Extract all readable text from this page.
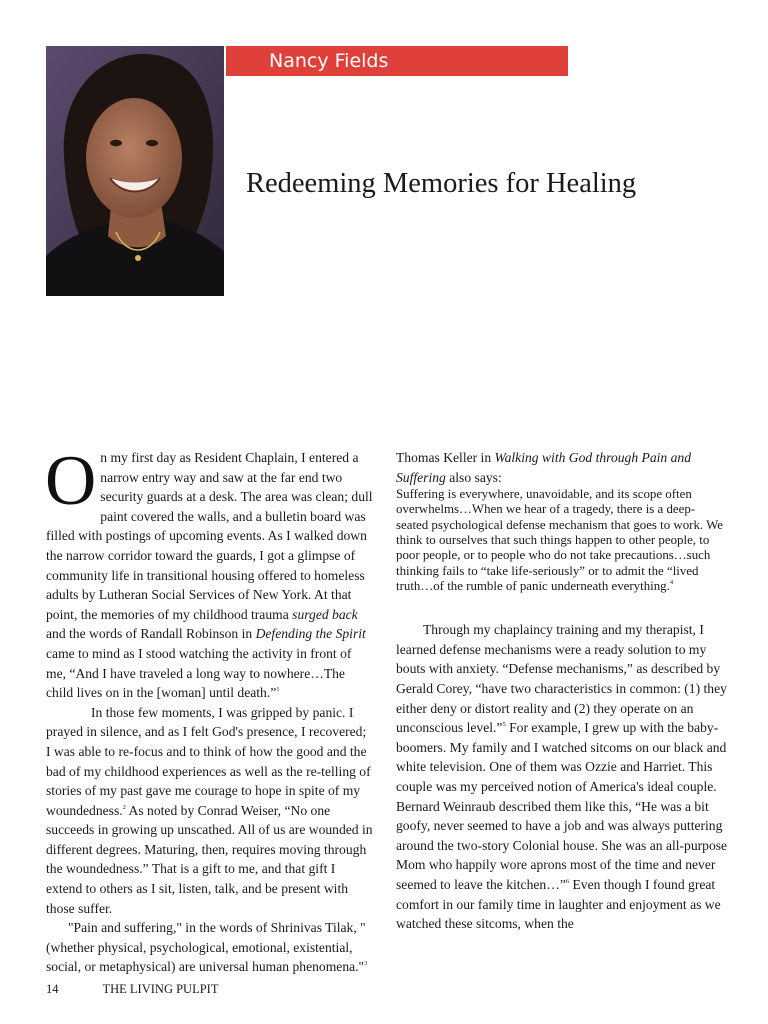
Nancy Fields
Redeeming Memories for Healing

On my first day as Resident Chaplain, I entered a narrow entry way and saw at the far end two security guards at a desk. The area was clean; dull paint covered the walls, and a bulletin board was filled with postings of upcoming events. As I walked down the narrow corridor toward the guards, I got a glimpse of community life in transitional housing offered to homeless adults by Lutheran Social Services of New York. At that point, the memories of my childhood trauma surged back and the words of Randall Robinson in Defending the Spirit came to mind as I stood watching the activity in front of me, “And I have traveled a long way to nowhere…The child lives on in the [woman] until death.”$^1$

In those few moments, I was gripped by panic. I prayed in silence, and as I felt God's presence, I recovered; I was able to re-focus and to think of how the good and the bad of my childhood experiences as well as the re-telling of stories of my past gave me courage to hope in spite of my woundedness.$^2$ As noted by Conrad Weiser, “No one succeeds in growing up unscathed. All of us are wounded in different degrees. Maturing, then, requires moving through the woundedness.” That is a gift to me, and that gift I extend to others as I sit, listen, talk, and be present with those suffer.

"Pain and suffering," in the words of Shrinivas Tilak, "(whether physical, psychological, emotional, existential, social, or metaphysical) are universal human phenomena."$^3$

Thomas Keller in Walking with God through Pain and Suffering also says:

Suffering is everywhere, unavoidable, and its scope often overwhelms…When we hear of a tragedy, there is a deep-seated psychological defense mechanism that goes to work. We think to ourselves that such things happen to other people, to poor people, or to people who do not take precautions…such thinking fails to “take life-seriously” or to admit the “lived truth…of the rumble of panic underneath everything.$^4$

Through my chaplaincy training and my therapist, I learned defense mechanisms were a ready solution to my bouts with anxiety. “Defense mechanisms,” as described by Gerald Corey, “have two characteristics in common: (1) they either deny or distort reality and (2) they operate on an unconscious level.”$^5$ For example, I grew up with the baby-boomers. My family and I watched sitcoms on our black and white television. One of them was Ozzie and Harriet. This couple was my perceived notion of America's ideal couple. Bernard Weinraub described them like this, “He was a bit goofy, never seemed to have a job and was always puttering around the two-story Colonial house. She was an all-purpose Mom who happily wore aprons most of the time and never seemed to leave the kitchen…”$^6$ Even though I found great comfort in our family time in laughter and enjoyment as we watched these sitcoms, when the

14	THE LIVING PULPIT
